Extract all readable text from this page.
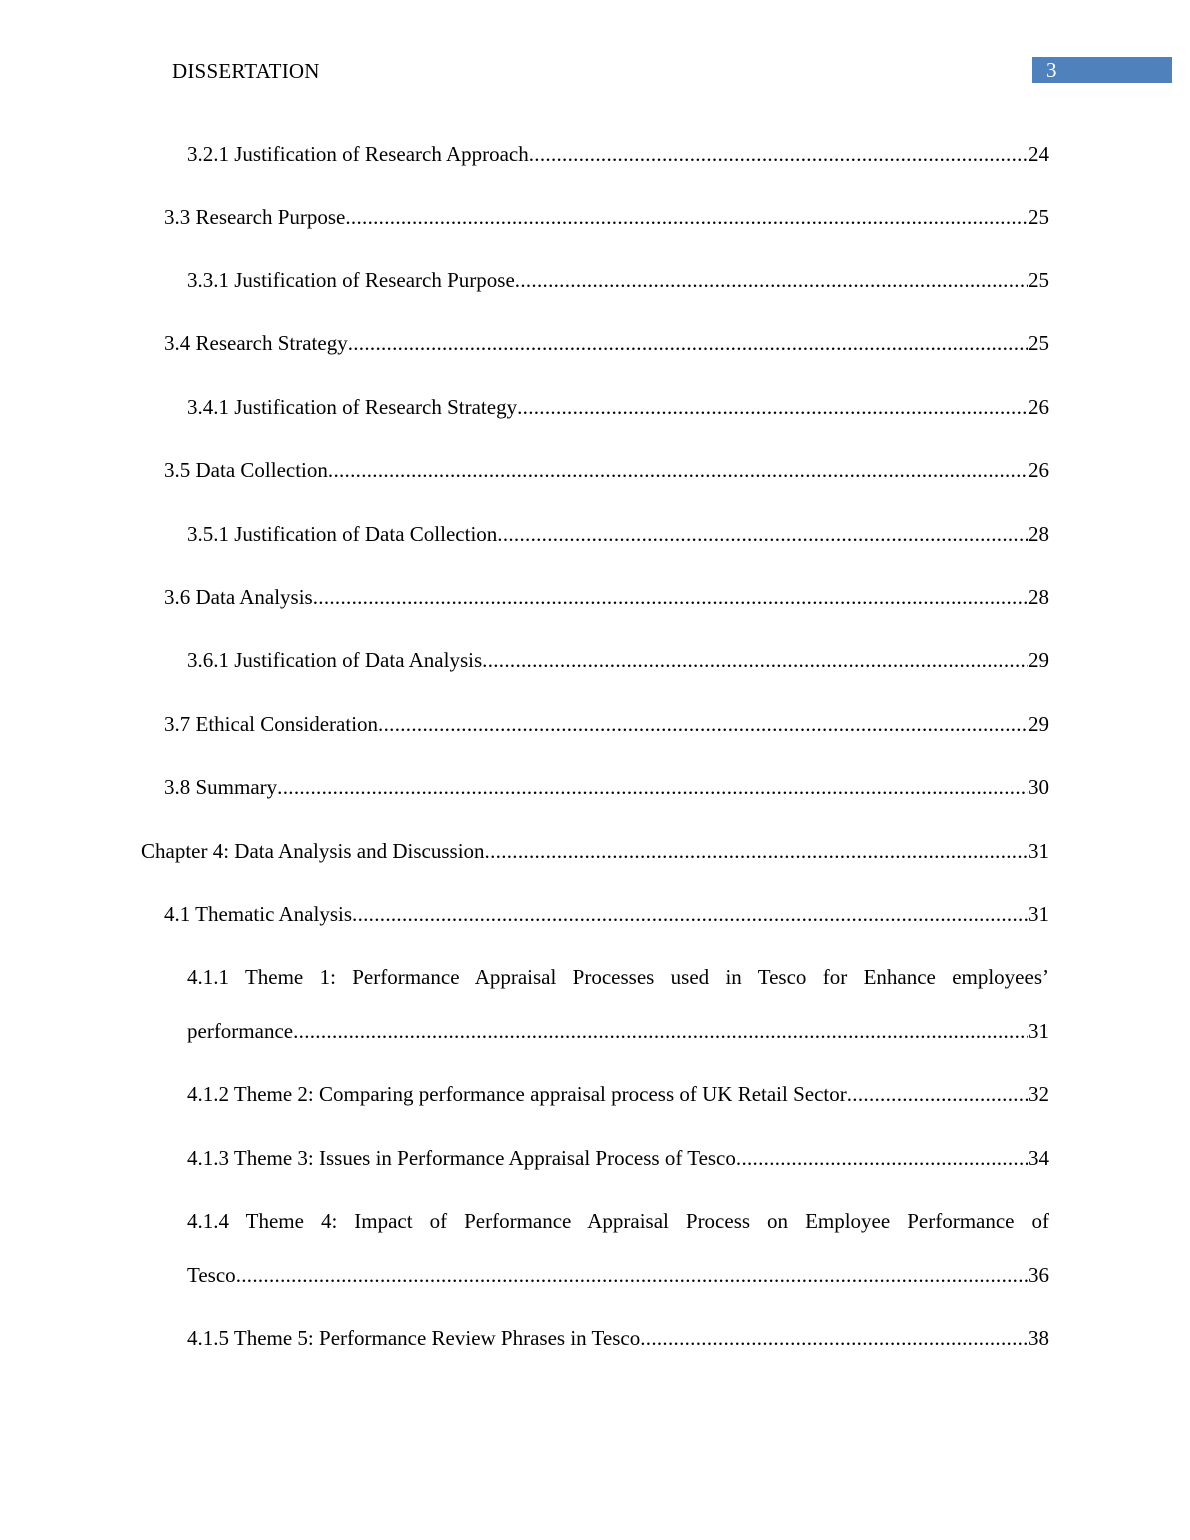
DISSERTATION	3
3.2.1 Justification of Research Approach .....	24
3.3 Research Purpose .....	25
3.3.1 Justification of Research Purpose .....	25
3.4 Research Strategy .....	25
3.4.1 Justification of Research Strategy .....	26
3.5 Data Collection .....	26
3.5.1 Justification of Data Collection .....	28
3.6 Data Analysis .....	28
3.6.1 Justification of Data Analysis .....	29
3.7 Ethical Consideration .....	29
3.8 Summary .....	30
Chapter 4: Data Analysis and Discussion .....	31
4.1 Thematic Analysis .....	31
4.1.1 Theme 1: Performance Appraisal Processes used in Tesco for Enhance employees’
performance .....	31
4.1.2 Theme 2: Comparing performance appraisal process of UK Retail Sector .....	32
4.1.3 Theme 3: Issues in Performance Appraisal Process of Tesco .....	34
4.1.4 Theme 4: Impact of Performance Appraisal Process on Employee Performance of
Tesco .....	36
4.1.5 Theme 5: Performance Review Phrases in Tesco .....	38
